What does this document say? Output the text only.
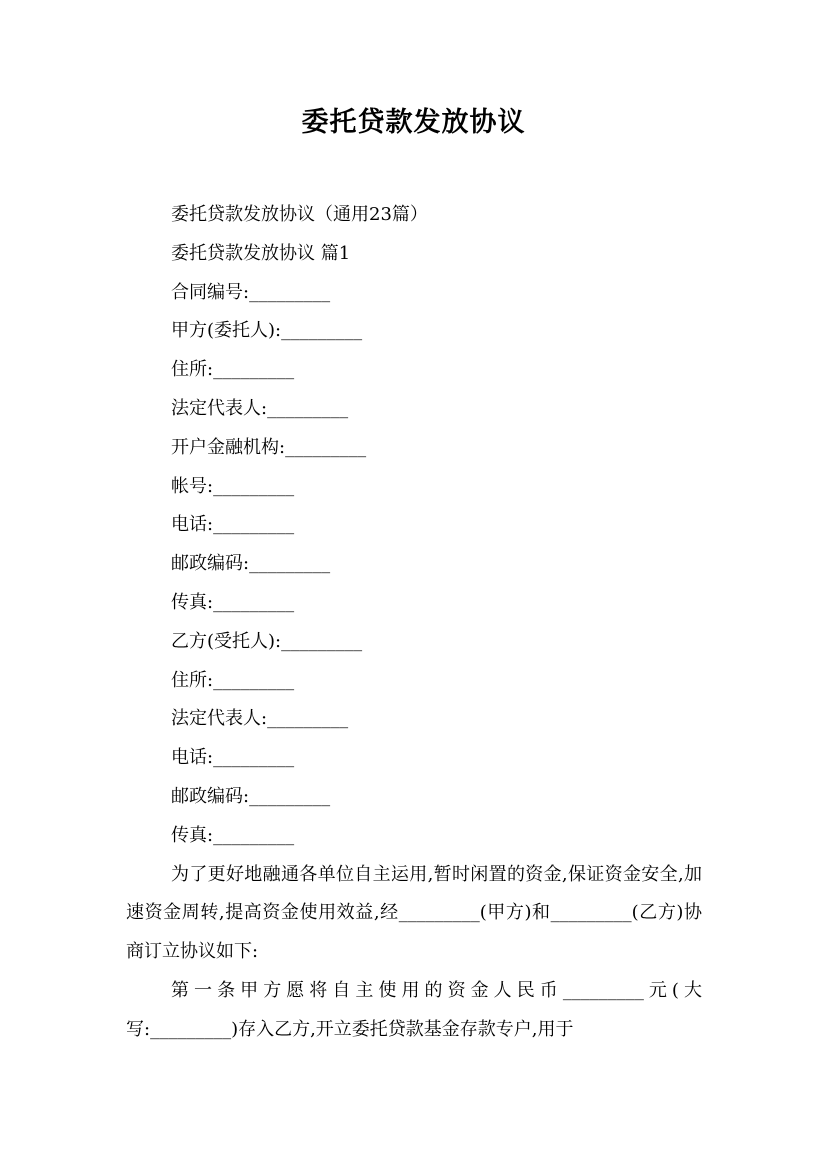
委托贷款发放协议
委托贷款发放协议（通用23篇）
委托贷款发放协议 篇1
合同编号:_________
甲方(委托人):_________
住所:_________
法定代表人:_________
开户金融机构:_________
帐号:_________
电话:_________
邮政编码:_________
传真:_________
乙方(受托人):_________
住所:_________
法定代表人:_________
电话:_________
邮政编码:_________
传真:_________
为了更好地融通各单位自主运用,暂时闲置的资金,保证资金安全,加速资金周转,提高资金使用效益,经_________(甲方)和_________(乙方)协商订立协议如下:
第一条甲方愿将自主使用的资金人民币_________元(大写:_________)存入乙方,开立委托贷款基金存款专户,用于
